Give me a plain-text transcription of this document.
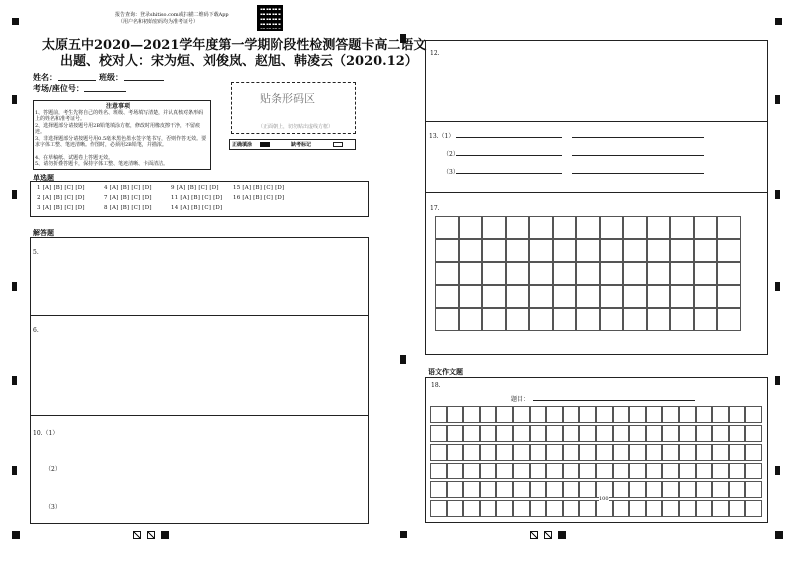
报告查询：登录shitiso.com或扫描二维码下载App
（用户名和初始密码均为准考证号）
太原五中2020—2021学年度第一学期阶段性检测答题卡高二语文
出题、校对人：宋为烜、刘俊岚、赵旭、韩凌云（2020.12）
姓名：	班级：
考场/座位号：
注意事项
1、答题前，考生先将自己的姓名、班级、考场填写清楚，并认真核对条形码上的姓名和准考证号。
2、选择题部分请按题号用2B铅笔填涂方框，修改时用橡皮擦干净，不留痕迹。
3、非选择题部分请按题号用0.5毫米黑色墨水签字笔书写，否则作答无效。要求字体工整、笔迹清晰。作图时，必须用2B铅笔，并描浓。
4、在草稿纸、试题卷上答题无效。
5、请勿折叠答题卡，保持字体工整、笔迹清晰、卡面清洁。
贴条形码区
（正面朝上，切勿贴出虚线方框）
正确填涂	缺考标记
单选题
1 [A] [B] [C] [D]	4 [A] [B] [C] [D]	9 [A] [B] [C] [D]	15 [A] [B] [C] [D]
2 [A] [B] [C] [D]	7 [A] [B] [C] [D]	11 [A] [B] [C] [D] 16 [A] [B] [C] [D]
3 [A] [B] [C] [D]	8 [A] [B] [C] [D]	14 [A] [B] [C] [D]
解答题
5.
6.
10.（1）
（2）
（3）
12.
13.（1）
（2）
（3）
17.
语文作文题
18.
题目：
100
